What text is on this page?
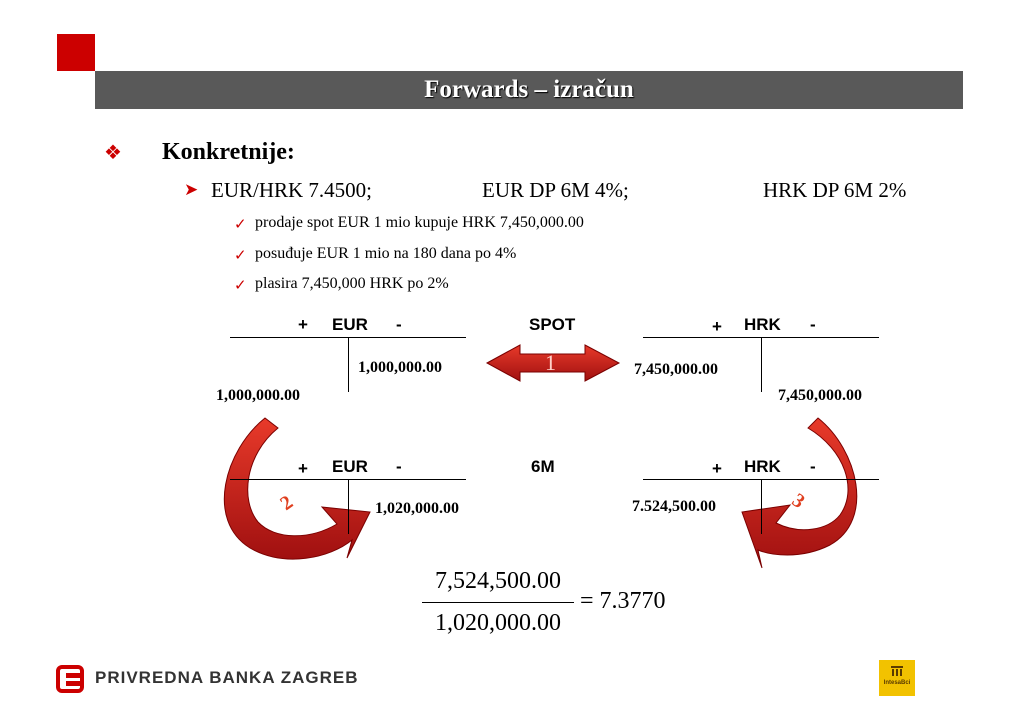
Forwards – izračun
❖ Konkretnije:
➤ EUR/HRK 7.4500;	EUR DP 6M 4%;	HRK DP 6M 2%
✓ prodaje spot EUR 1 mio kupuje HRK 7,450,000.00
✓ posuđuje EUR 1 mio na 180 dana po 4%
✓ plasira 7,450,000 HRK po 2%
+ EUR -
1,000,000.00
1,000,000.00
SPOT
1
+ HRK -
7,450,000.00
7,450,000.00
+ EUR -
1,020,000.00
2
6M	+ HRK -
7.524,500.00	3
7,524,500.00
1,020,000.00
= 7.3770
PRIVREDNA BANKA ZAGREB	IntesaBci
